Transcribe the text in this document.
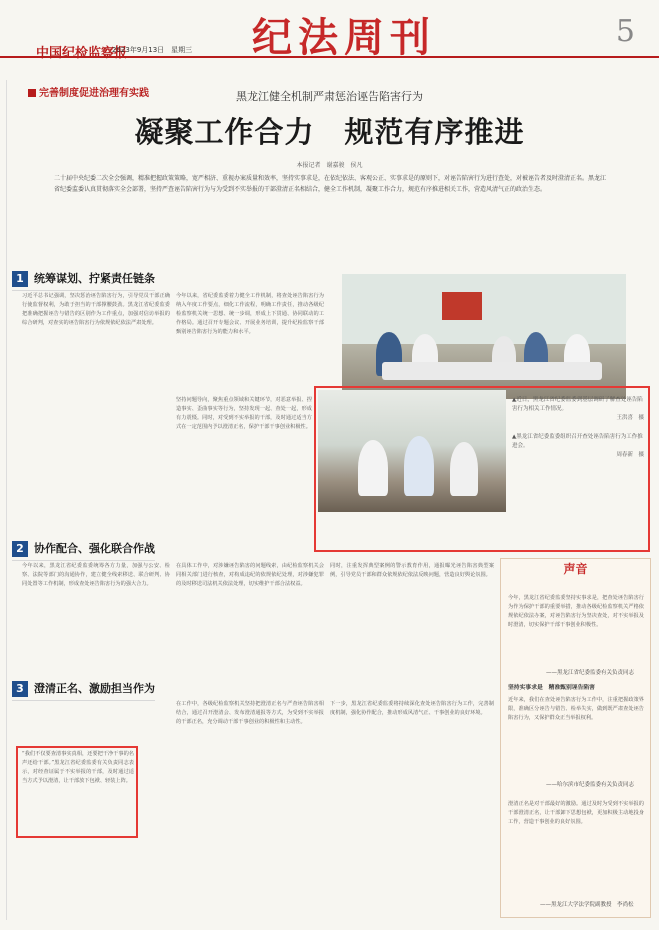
中国纪检监察报
2023年9月13日　星期三 纪法周刊	5
完善制度促进治理有实践	黑龙江健全机制严肃惩治诬告陷害行为
凝聚工作合力　规范有序推进
本报记者　谢嘉骏　侯凡
二十届中央纪委二次全会强调，精准把握政策策略，宽严相济、重视办案质量和效率，坚持实事求是，在依纪依法、客观公正、实事求是的原则下，对诬告陷害行为进行查处，对被诬告者及时澄清正名。黑龙江省纪委监委认真贯彻落实全会部署，坚持严查诬告陷害行为与为受到不实举报的干部澄清正名相结合，健全工作机制，凝聚工作合力，规范有序推进相关工作，营造风清气正的政治生态。
1 统筹谋划、拧紧责任链条
习近平总书记强调，坚决惩治诬告陷害行为，引导党员干部正确行使监督权利，为敢于担当的干部撑腰鼓劲。黑龙江省纪委监委把准确把握诬告与错告的区别作为工作重点，加强对信访举报的综合研判，对查实的诬告陷害行为依规依纪依法严肃处理。
今年以来，省纪委监委着力健全工作机制，将查处诬告陷害行为纳入年度工作要点，细化工作流程，明确工作责任，推动各级纪检监察机关统一思想、统一步调，形成上下贯通、协同联动的工作格局。通过召开专题会议、开展业务培训，提升纪检监察干部甄别诬告陷害行为的能力和水平。
坚持问题导向，聚焦重点领域和关键环节，对恶意举报、捏造事实、歪曲事实等行为，坚持发现一起、查处一起，形成有力震慑。同时，对受到不实举报的干部，及时通过适当方式在一定范围内予以澄清正名，保护干部干事创业积极性。
▲近日，黑龙江省纪委监委到基层调研了解查处诬告陷害行为相关工作情况。
王洪喜　摄
▲黑龙江省纪委监委组织召开查处诬告陷害行为工作推进会。
周春新　摄
2 协作配合、强化联合作战
今年以来，黑龙江省纪委监委统筹各方力量，加强与公安、检察、法院等部门的沟通协作，建立健全线索移送、联合研判、协同处置等工作机制，形成查处诬告陷害行为的强大合力。
在具体工作中，对涉嫌诬告陷害的问题线索，由纪检监察机关会同相关部门进行核查，对构成违纪的依规依纪处理，对涉嫌犯罪的及时移送司法机关依法处理，切实维护干部合法权益。
同时，注重发挥典型案例的警示教育作用，通报曝光诬告陷害典型案例，引导党员干部和群众依规依纪依法反映问题，营造良好舆论氛围。
3 澄清正名、激励担当作为
“我们不仅要查清事实真相，还要把干净干事的名声还给干部。”黑龙江省纪委监委有关负责同志表示，对经查证属于不实举报的干部，及时通过适当方式予以澄清，让干部放下包袱、轻装上阵。
在工作中，各级纪检监察机关坚持把澄清正名与严查诬告陷害相结合，通过召开澄清会、发布澄清通报等方式，为受到不实举报的干部正名，充分调动干部干事创业的积极性和主动性。
下一步，黑龙江省纪委监委将持续深化查处诬告陷害行为工作，完善制度机制，强化协作配合，推动形成风清气正、干事创业的良好环境。
声音
今年，黑龙江省纪委监委坚持实事求是，把查处诬告陷害行为作为保护干部的重要举措，推动各级纪检监察机关严格依规依纪依法办案，对诬告陷害行为坚决查处，对不实举报及时澄清，切实保护干部干事创业积极性。
——黑龙江省纪委监委有关负责同志
坚持实事求是　精准甄别诬告陷害
近年来，我们在查处诬告陷害行为工作中，注重把握政策界限，准确区分诬告与错告、检举失实，做到既严肃查处诬告陷害行为，又保护群众正当举报权利。
——哈尔滨市纪委监委有关负责同志
澄清正名是对干部最好的激励。通过及时为受到不实举报的干部澄清正名，让干部卸下思想包袱，更加积极主动地投身工作，营造干事创业的良好氛围。
——黑龙江大学法学院副教授　李尚松
